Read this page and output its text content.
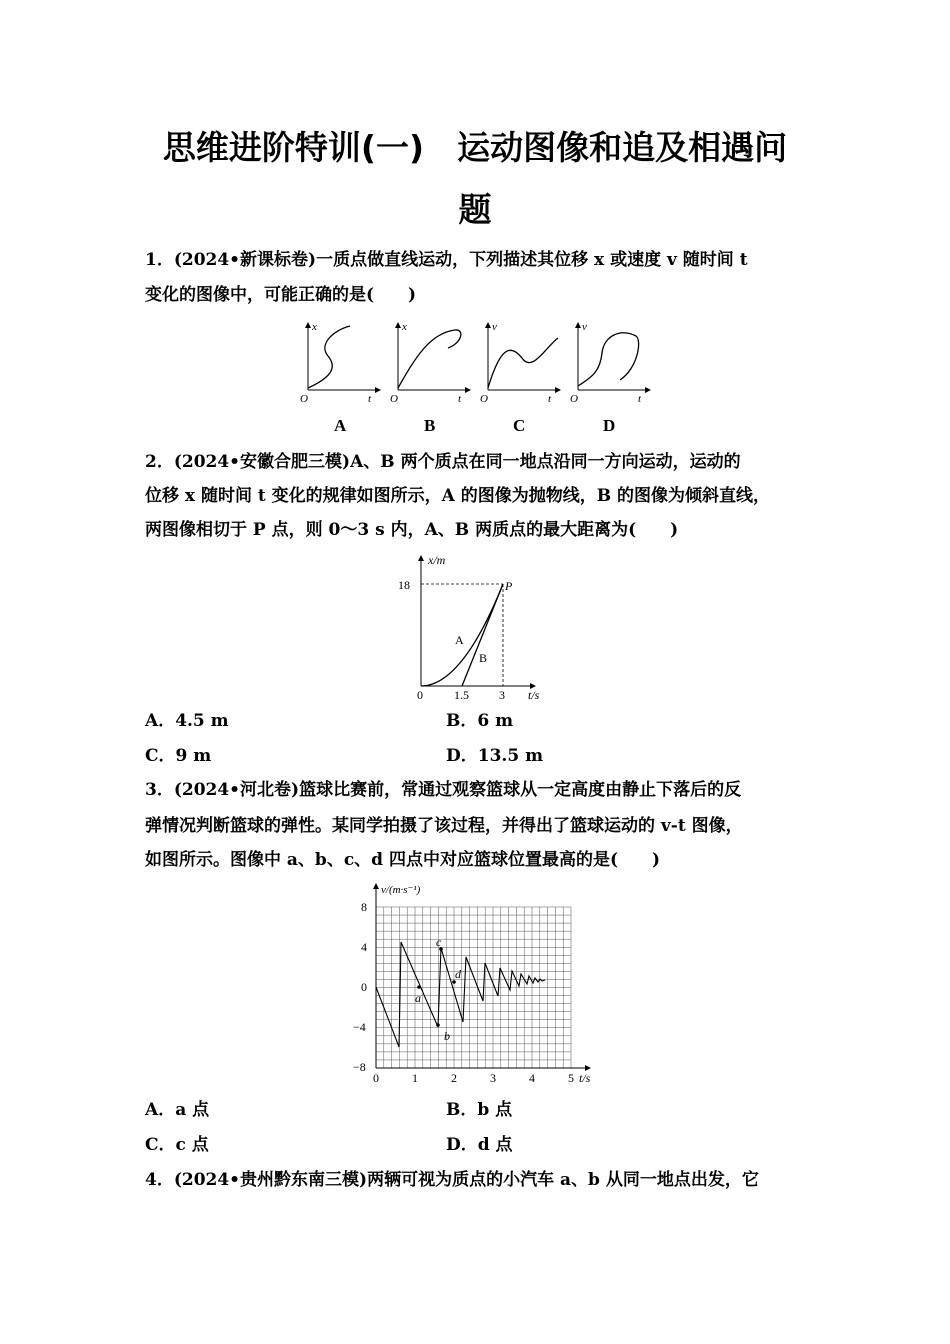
思维进阶特训(一)　运动图像和追及相遇问
题
1．(2024•新课标卷)一质点做直线运动，下列描述其位移 x 或速度 v 随时间 t
变化的图像中，可能正确的是(　　)
x
t
O
A
x
t
O
B
v
t
O
C
v
t
O
D
2．(2024•安徽合肥三模)A、B 两个质点在同一地点沿同一方向运动，运动的
位移 x 随时间 t 变化的规律如图所示，A 的图像为抛物线，B 的图像为倾斜直线，
两图像相切于 P 点，则 0～3 s 内，A、B 两质点的最大距离为(　　)
x/m
18
0	1.5	3 t/s
A
B
P
A．4.5 m	B．6 m
C．9 m	D．13.5 m
3．(2024•河北卷)篮球比赛前，常通过观察篮球从一定高度由静止下落后的反
弹情况判断篮球的弹性。某同学拍摄了该过程，并得出了篮球运动的 v-t 图像，
如图所示。图像中 a、b、c、d 四点中对应篮球位置最高的是(　　)
a
b
c
d
v/(m·s⁻¹)
8
4
0
−4
−8
0	1	2	3	4	5 t/s
A．a 点	B．b 点
C．c 点	D．d 点
4．(2024•贵州黔东南三模)两辆可视为质点的小汽车 a、b 从同一地点出发，它
